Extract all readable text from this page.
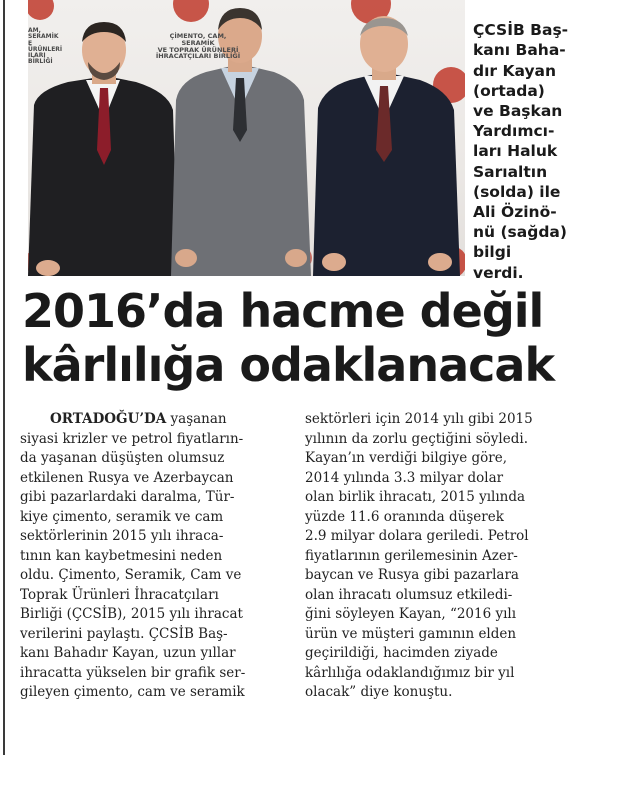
AM, SERAMİK
E ÜRÜNLERİ
ILARI BİRLİĞİ
ÇİMENTO, CAM, SERAMİK
VE TOPRAK ÜRÜNLERİ
İHRACATÇILARI BİRLİĞİ

ÇCSİB Baş-
kanı Baha-
dır Kayan
(ortada)
ve Başkan
Yardımcı-
ları Haluk
Sarıaltın
(solda) ile
Ali Özinö-
nü (sağda)
bilgi
verdi.

2016’da hacme değil
kârlılığa odaklanacak

ORTADOĞU’DA yaşanan
siyasi krizler ve petrol fiyatların-
da yaşanan düşüşten olumsuz
etkilenen Rusya ve Azerbaycan
gibi pazarlardaki daralma, Tür-
kiye çimento, seramik ve cam
sektörlerinin 2015 yılı ihraca-
tının kan kaybetmesini neden
oldu. Çimento, Seramik, Cam ve
Toprak Ürünleri İhracatçıları
Birliği (ÇCSİB), 2015 yılı ihracat
verilerini paylaştı. ÇCSİB Baş-
kanı Bahadır Kayan, uzun yıllar
ihracatta yükselen bir grafik ser-
gileyen çimento, cam ve seramik

sektörleri için 2014 yılı gibi 2015
yılının da zorlu geçtiğini söyledi.
Kayan’ın verdiği bilgiye göre,
2014 yılında 3.3 milyar dolar
olan birlik ihracatı, 2015 yılında
yüzde 11.6 oranında düşerek
2.9 milyar dolara geriledi. Petrol
fiyatlarının gerilemesinin Azer-
baycan ve Rusya gibi pazarlara
olan ihracatı olumsuz etkiledi-
ğini söyleyen Kayan, “2016 yılı
ürün ve müşteri gamının elden
geçirildiği, hacimden ziyade
kârlılığa odaklandığımız bir yıl
olacak” diye konuştu.
